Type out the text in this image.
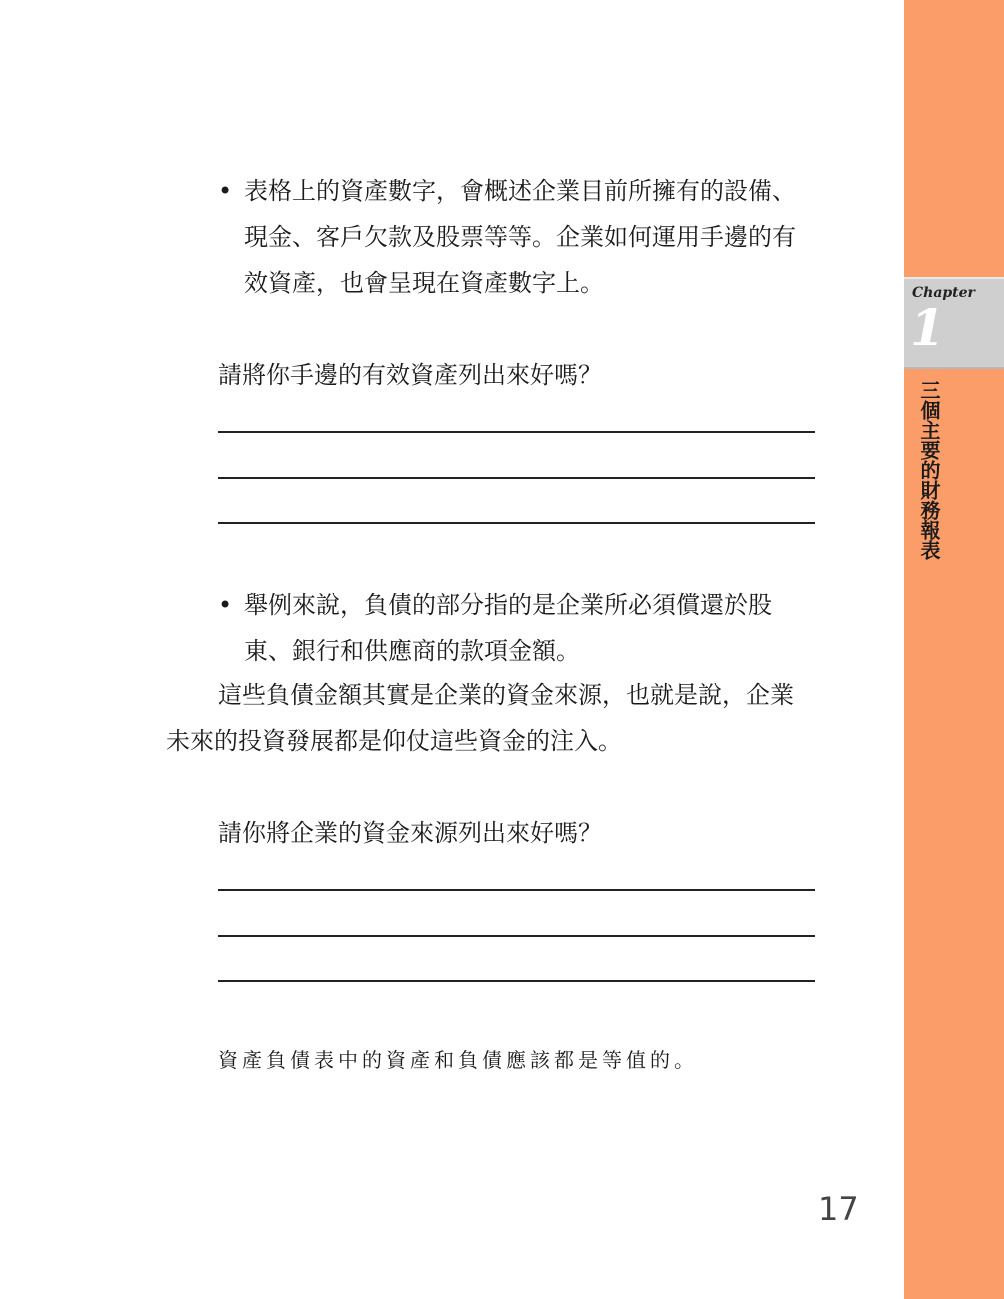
Chapter
1
三個主要的財務報表
• 表格上的資產數字，會概述企業目前所擁有的設備、現金、客戶欠款及股票等等。企業如何運用手邊的有效資產，也會呈現在資產數字上。
請將你手邊的有效資產列出來好嗎？
• 舉例來說，負債的部分指的是企業所必須償還於股東、銀行和供應商的款項金額。
這些負債金額其實是企業的資金來源，也就是說，企業未來的投資發展都是仰仗這些資金的注入。
請你將企業的資金來源列出來好嗎？
資產負債表中的資產和負債應該都是等值的。
17
